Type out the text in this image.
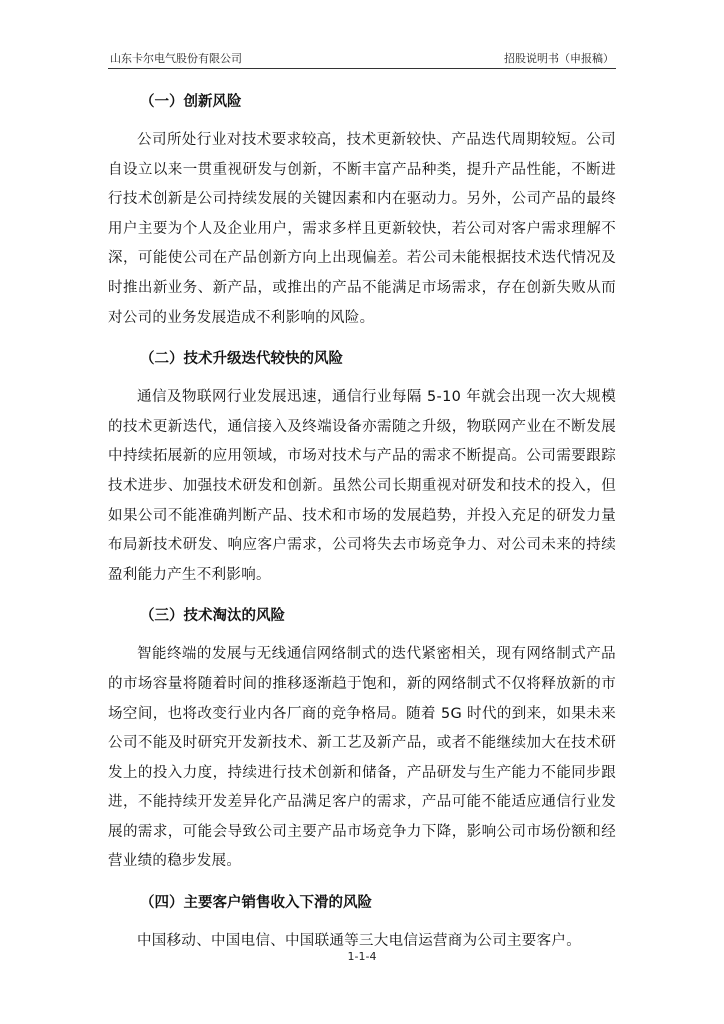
山东卡尔电气股份有限公司	招股说明书（申报稿）

（一）创新风险

公司所处行业对技术要求较高，技术更新较快、产品迭代周期较短。公司自设立以来一贯重视研发与创新，不断丰富产品种类，提升产品性能，不断进行技术创新是公司持续发展的关键因素和内在驱动力。另外，公司产品的最终用户主要为个人及企业用户，需求多样且更新较快，若公司对客户需求理解不深，可能使公司在产品创新方向上出现偏差。若公司未能根据技术迭代情况及时推出新业务、新产品，或推出的产品不能满足市场需求，存在创新失败从而对公司的业务发展造成不利影响的风险。

（二）技术升级迭代较快的风险

通信及物联网行业发展迅速，通信行业每隔 5-10 年就会出现一次大规模的技术更新迭代，通信接入及终端设备亦需随之升级，物联网产业在不断发展中持续拓展新的应用领域，市场对技术与产品的需求不断提高。公司需要跟踪技术进步、加强技术研发和创新。虽然公司长期重视对研发和技术的投入，但如果公司不能准确判断产品、技术和市场的发展趋势，并投入充足的研发力量布局新技术研发、响应客户需求，公司将失去市场竞争力、对公司未来的持续盈利能力产生不利影响。

（三）技术淘汰的风险

智能终端的发展与无线通信网络制式的迭代紧密相关，现有网络制式产品的市场容量将随着时间的推移逐渐趋于饱和，新的网络制式不仅将释放新的市场空间，也将改变行业内各厂商的竞争格局。随着 5G 时代的到来，如果未来公司不能及时研究开发新技术、新工艺及新产品，或者不能继续加大在技术研发上的投入力度，持续进行技术创新和储备，产品研发与生产能力不能同步跟进，不能持续开发差异化产品满足客户的需求，产品可能不能适应通信行业发展的需求，可能会导致公司主要产品市场竞争力下降，影响公司市场份额和经营业绩的稳步发展。

（四）主要客户销售收入下滑的风险

中国移动、中国电信、中国联通等三大电信运营商为公司主要客户。

1-1-4
